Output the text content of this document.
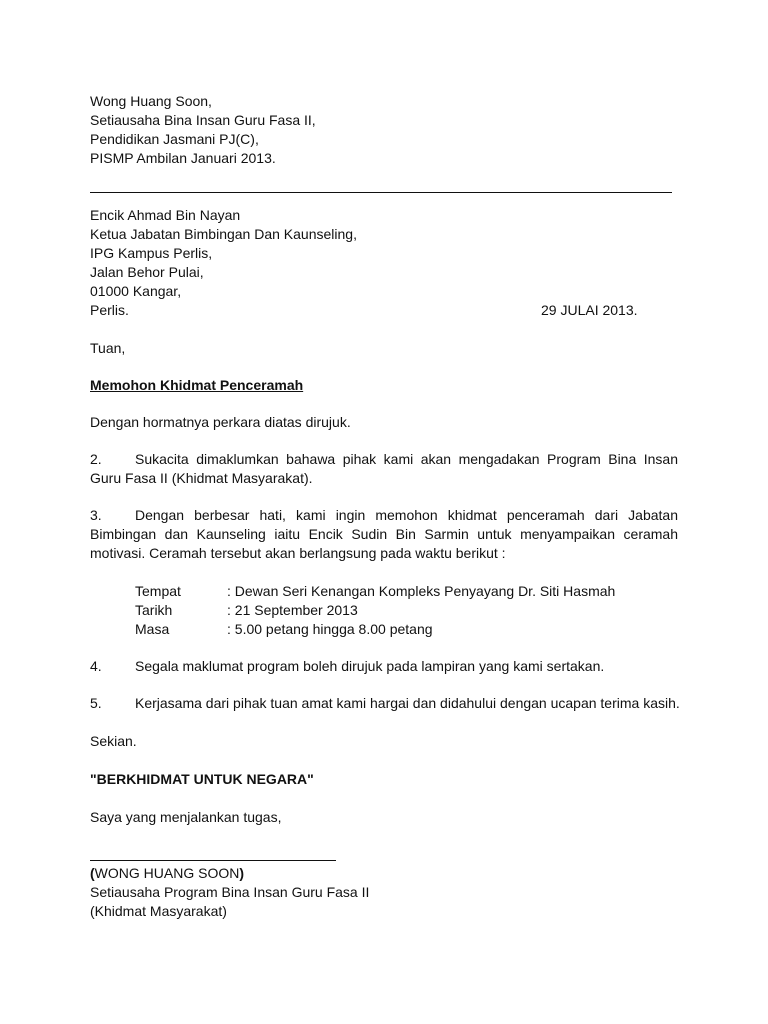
Wong Huang Soon,
Setiausaha Bina Insan Guru Fasa II,
Pendidikan Jasmani PJ(C),
PISMP Ambilan Januari 2013.
Encik Ahmad Bin Nayan
Ketua Jabatan Bimbingan Dan Kaunseling,
IPG Kampus Perlis,
Jalan Behor Pulai,
01000 Kangar,
Perlis.	29 JULAI 2013.
Tuan,
Memohon Khidmat Penceramah
Dengan hormatnya perkara diatas dirujuk.
2.	Sukacita dimaklumkan bahawa pihak kami akan mengadakan Program Bina Insan Guru Fasa II (Khidmat Masyarakat).
3.	Dengan berbesar hati, kami ingin memohon khidmat penceramah dari Jabatan Bimbingan dan Kaunseling iaitu Encik Sudin Bin Sarmin untuk menyampaikan ceramah motivasi. Ceramah tersebut akan berlangsung pada waktu berikut :
Tempat	: Dewan Seri Kenangan Kompleks Penyayang Dr. Siti Hasmah
Tarikh	: 21 September 2013
Masa	: 5.00 petang hingga 8.00 petang
4.	Segala maklumat program boleh dirujuk pada lampiran yang kami sertakan.
5.	Kerjasama dari pihak tuan amat kami hargai dan didahului dengan ucapan terima kasih.
Sekian.
"BERKHIDMAT UNTUK NEGARA"
Saya yang menjalankan tugas,
(WONG HUANG SOON)
Setiausaha Program Bina Insan Guru Fasa II
(Khidmat Masyarakat)
